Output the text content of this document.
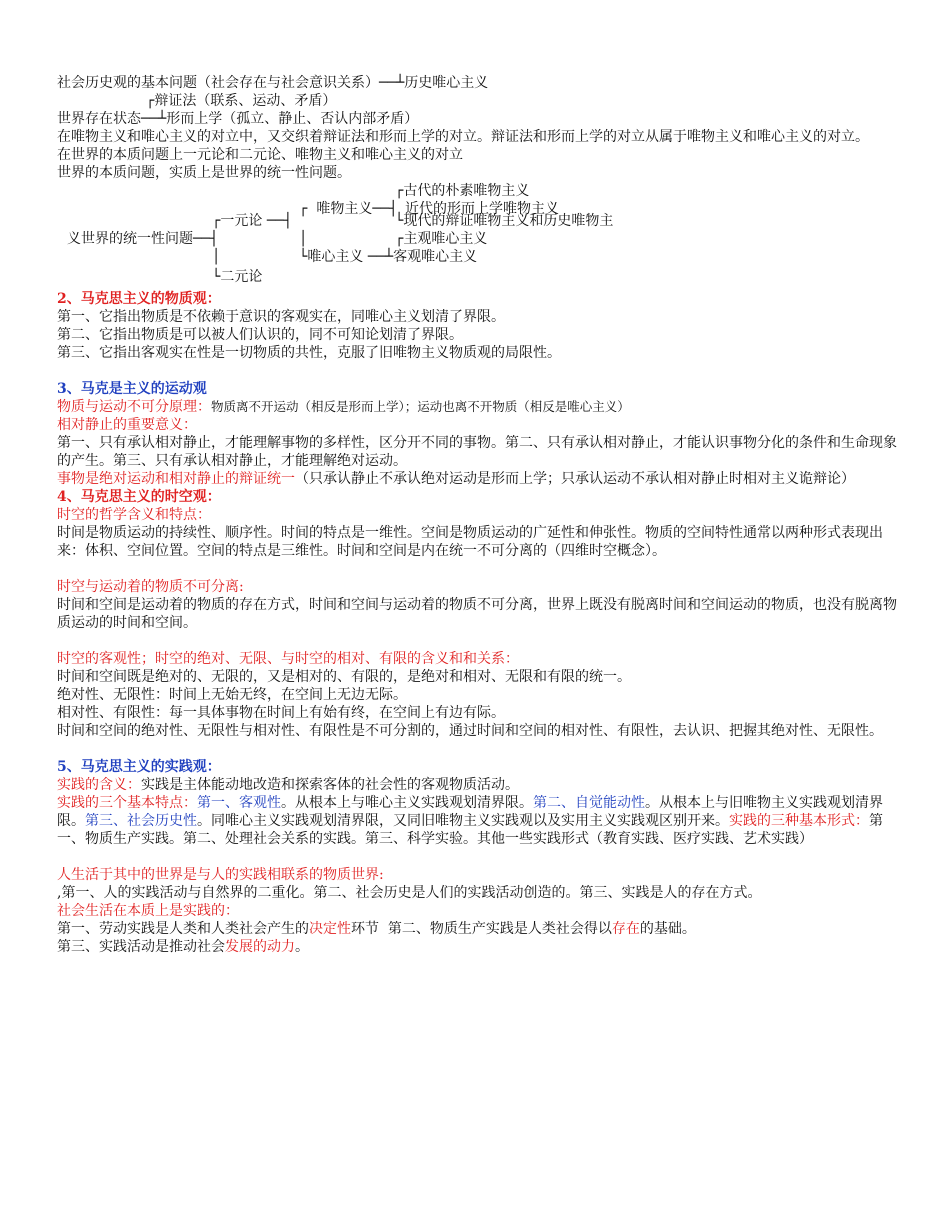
社会历史观的基本问题（社会存在与社会意识关系）──┴历史唯心主义
┌辩证法（联系、运动、矛盾）
世界存在状态──┴形而上学（孤立、静止、否认内部矛盾）
在唯物主义和唯心主义的对立中，又交织着辩证法和形而上学的对立。辩证法和形而上学的对立从属于唯物主义和唯心主义的对立。
在世界的本质问题上一元论和二元论、唯物主义和唯心主义的对立
世界的本质问题，实质上是世界的统一性问题。
┌古代的朴素唯物主义
┌  唯物主义──┤ 近代的形而上学唯物主义
┌一元论 ──┤	└现代的辩证唯物主义和历史唯物主
义世界的统一性问题──┤	│	┌主观唯心主义
│	└唯心主义 ──┴客观唯心主义
└二元论
2、马克思主义的物质观：
第一、它指出物质是不依赖于意识的客观实在，同唯心主义划清了界限。
第二、它指出物质是可以被人们认识的，同不可知论划清了界限。
第三、它指出客观实在性是一切物质的共性，克服了旧唯物主义物质观的局限性。
3、马克是主义的运动观
物质与运动不可分原理：物质离不开运动（相反是形而上学）；运动也离不开物质（相反是唯心主义）
相对静止的重要意义：
第一、只有承认相对静止，才能理解事物的多样性，区分开不同的事物。第二、只有承认相对静止，才能认识事物分化的条件和生命现象的产生。第三、只有承认相对静止，才能理解绝对运动。
事物是绝对运动和相对静止的辩证统一（只承认静止不承认绝对运动是形而上学；只承认运动不承认相对静止时相对主义诡辩论）
4、马克思主义的时空观：
时空的哲学含义和特点：
时间是物质运动的持续性、顺序性。时间的特点是一维性。空间是物质运动的广延性和伸张性。物质的空间特性通常以两种形式表现出来：体积、空间位置。空间的特点是三维性。时间和空间是内在统一不可分离的（四维时空概念）。
时空与运动着的物质不可分离:
时间和空间是运动着的物质的存在方式，时间和空间与运动着的物质不可分离，世界上既没有脱离时间和空间运动的物质，也没有脱离物质运动的时间和空间。
时空的客观性；时空的绝对、无限、与时空的相对、有限的含义和和关系：
时间和空间既是绝对的、无限的，又是相对的、有限的，是绝对和相对、无限和有限的统一。
绝对性、无限性：时间上无始无终，在空间上无边无际。
相对性、有限性：每一具体事物在时间上有始有终，在空间上有边有际。
时间和空间的绝对性、无限性与相对性、有限性是不可分割的，通过时间和空间的相对性、有限性，去认识、把握其绝对性、无限性。
5、马克思主义的实践观：
实践的含义：实践是主体能动地改造和探索客体的社会性的客观物质活动。
实践的三个基本特点：第一、客观性。从根本上与唯心主义实践观划清界限。第二、自觉能动性。从根本上与旧唯物主义实践观划清界限。第三、社会历史性。同唯心主义实践观划清界限，又同旧唯物主义实践观以及实用主义实践观区别开来。实践的三种基本形式：第一、物质生产实践。第二、处理社会关系的实践。第三、科学实验。其他一些实践形式（教育实践、医疗实践、艺术实践）
人生活于其中的世界是与人的实践相联系的物质世界:
,第一、人的实践活动与自然界的二重化。第二、社会历史是人们的实践活动创造的。第三、实践是人的存在方式。
社会生活在本质上是实践的：
第一、劳动实践是人类和人类社会产生的决定性环节  第二、物质生产实践是人类社会得以存在的基础。
第三、实践活动是推动社会发展的动力。
